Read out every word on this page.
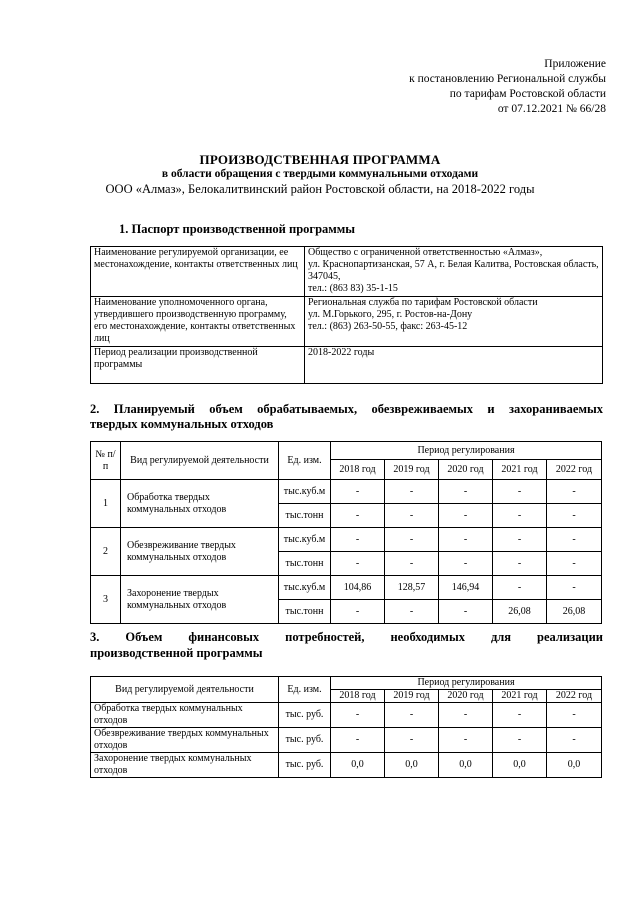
Приложение
к постановлению Региональной службы
по тарифам Ростовской области
от 07.12.2021 № 66/28
ПРОИЗВОДСТВЕННАЯ ПРОГРАММА
в области обращения с твердыми коммунальными отходами
ООО «Алмаз», Белокалитвинский район Ростовской области, на 2018-2022 годы
1. Паспорт производственной программы
Наименование регулируемой организации, ее местонахождение, контакты ответственных лиц	Общество с ограниченной ответственностью «Алмаз»,
ул. Краснопартизанская, 57 А, г. Белая Калитва, Ростовская область, 347045,
тел.: (863 83) 35-1-15

Наименование уполномоченного органа, утвердившего производственную программу, его местонахождение, контакты ответственных лиц	Региональная служба по тарифам Ростовской области
ул. М.Горького, 295, г. Ростов-на-Дону
тел.: (863) 263-50-55, факс: 263-45-12

Период реализации производственной программы	2018-2022 годы
2. Планируемый объем обрабатываемых, обезвреживаемых и захораниваемых
твердых коммунальных отходов
№ п/п	Вид регулируемой деятельности	Ед. изм.	Период регулирования				
			2018 год	2019 год	2020 год	2021 год	2022 год
1	Обработка твердых коммунальных отходов	тыс.куб.м	-	-	-	-	-
		тыс.тонн	-	-	-	-	-
2	Обезвреживание твердых коммунальных отходов	тыс.куб.м	-	-	-	-	-
		тыс.тонн	-	-	-	-	-
3	Захоронение твердых коммунальных отходов	тыс.куб.м	104,86	128,57	146,94	-	-
		тыс.тонн	-	-	-	26,08	26,08
3. Объем финансовых потребностей, необходимых для реализации
производственной программы
Вид регулируемой деятельности	Ед. изм.	Период регулирования				
		2018 год	2019 год	2020 год	2021 год	2022 год
Обработка твердых коммунальных отходов	тыс. руб.	-	-	-	-	-
Обезвреживание твердых коммунальных отходов	тыс. руб.	-	-	-	-	-
Захоронение твердых коммунальных отходов	тыс. руб.	0,0	0,0	0,0	0,0	0,0
